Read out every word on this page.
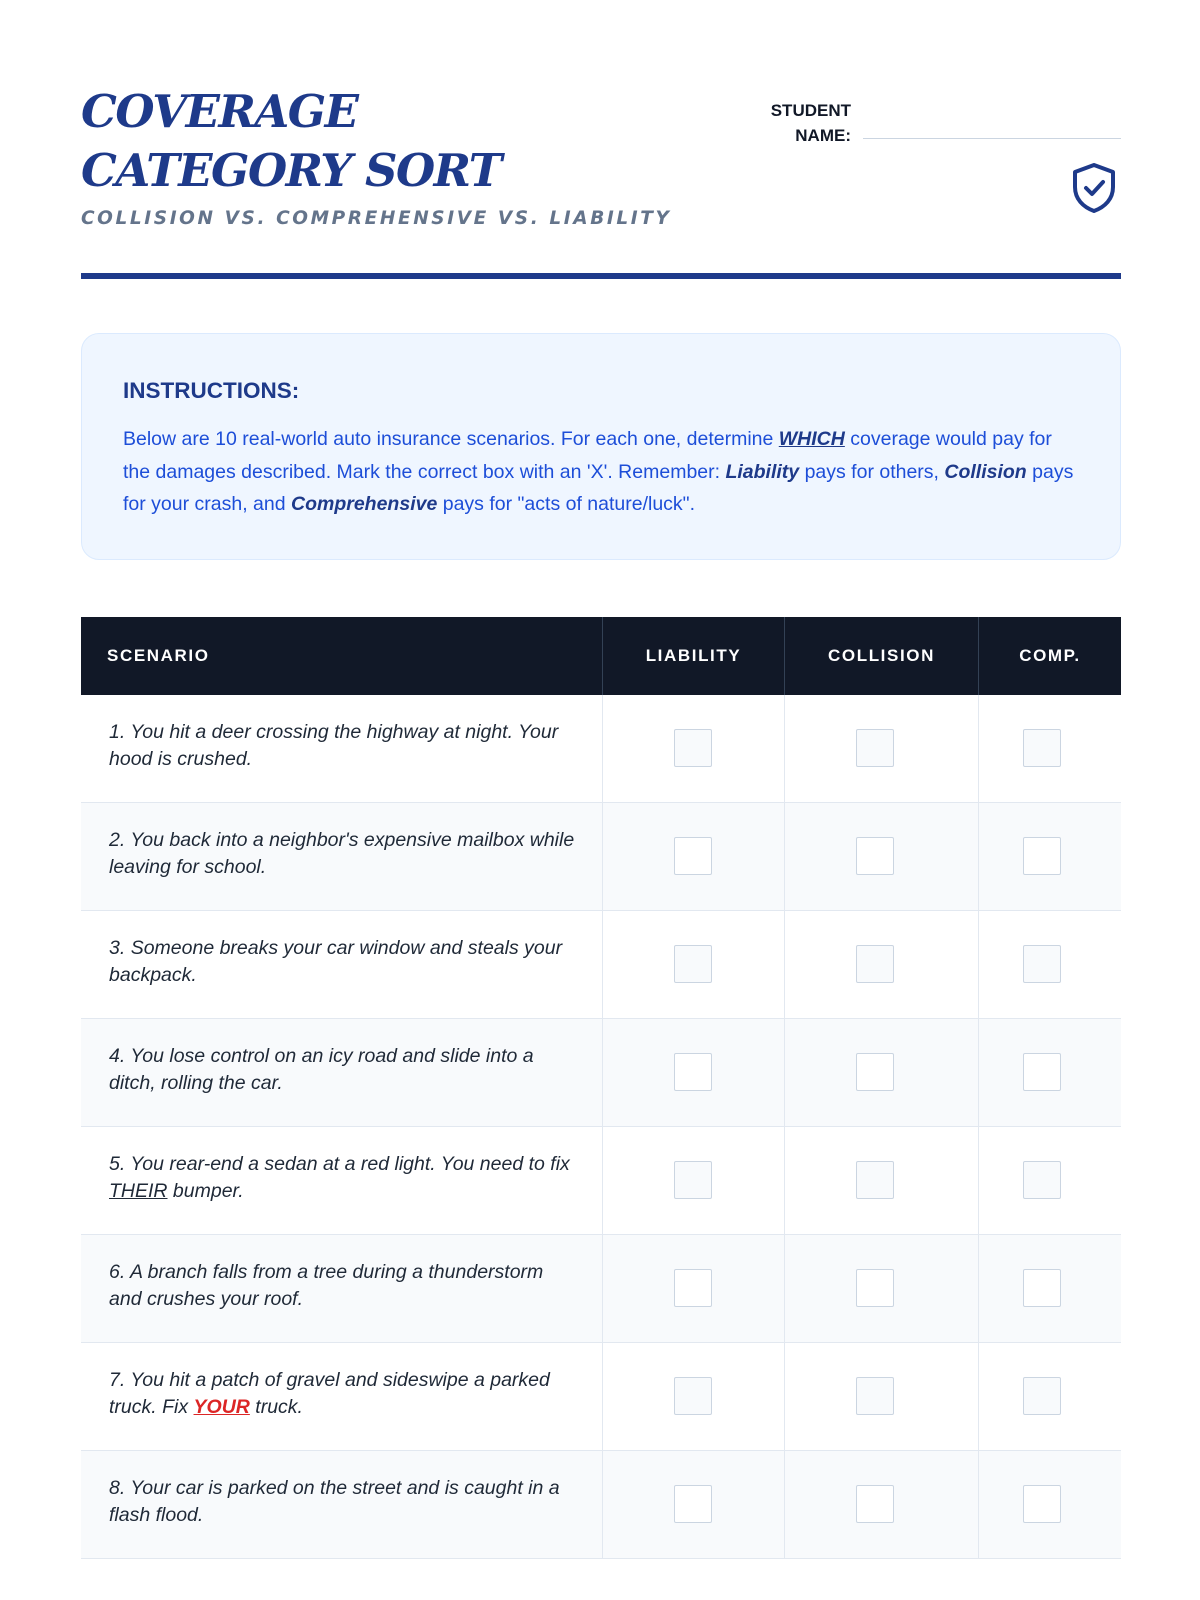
COVERAGE CATEGORY SORT
COLLISION VS. COMPREHENSIVE VS. LIABILITY
STUDENT
NAME:
INSTRUCTIONS:

Below are 10 real-world auto insurance scenarios. For each one, determine WHICH coverage would pay for the damages described. Mark the correct box with an 'X'. Remember: Liability pays for others, Collision pays for your crash, and Comprehensive pays for "acts of nature/luck".

SCENARIO	LIABILITY	COLLISION	COMP.
1. You hit a deer crossing the highway at night. Your hood is crushed.
2. You back into a neighbor's expensive mailbox while leaving for school.
3. Someone breaks your car window and steals your backpack.
4. You lose control on an icy road and slide into a ditch, rolling the car.
5. You rear-end a sedan at a red light. You need to fix THEIR bumper.
6. A branch falls from a tree during a thunderstorm and crushes your roof.
7. You hit a patch of gravel and sideswipe a parked truck. Fix YOUR truck.
8. Your car is parked on the street and is caught in a flash flood.
